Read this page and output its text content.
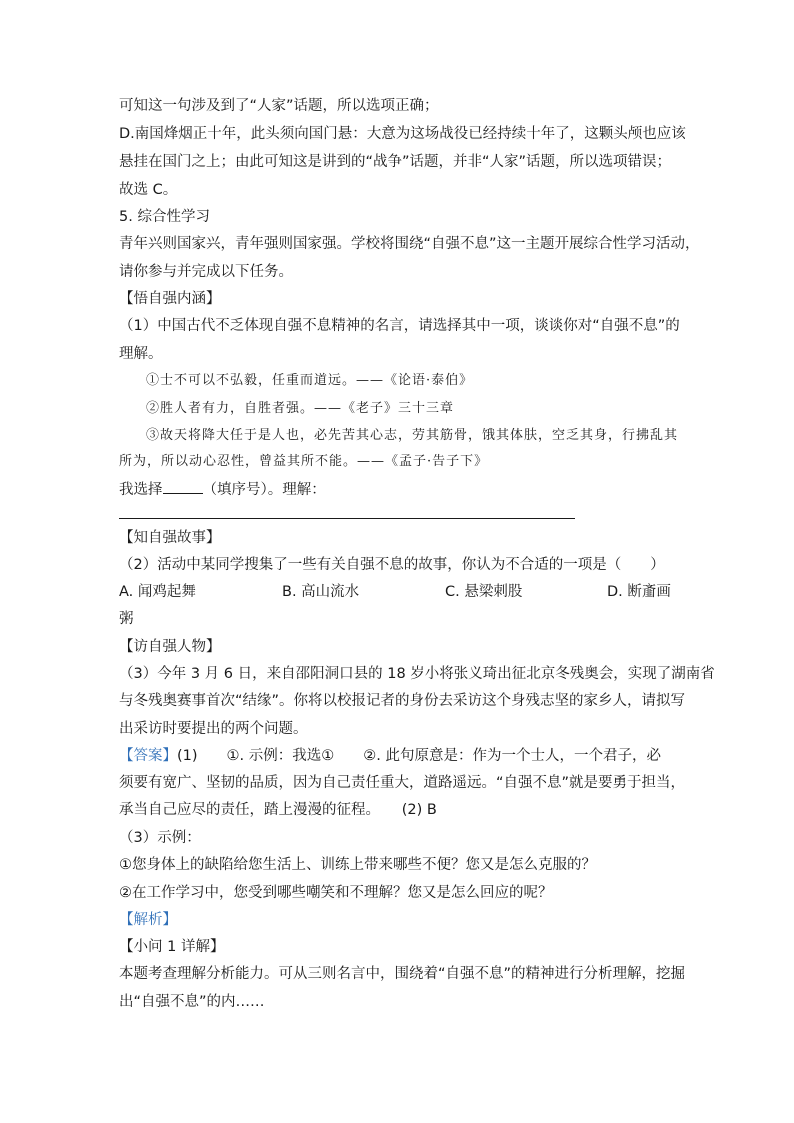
可知这一句涉及到了“人家”话题，所以选项正确；
D.南国烽烟正十年，此头须向国门悬：大意为这场战役已经持续十年了，这颗头颅也应该
悬挂在国门之上；由此可知这是讲到的“战争”话题，并非“人家”话题，所以选项错误；
故选 C。
5. 综合性学习
青年兴则国家兴，青年强则国家强。学校将围绕“自强不息”这一主题开展综合性学习活动，
请你参与并完成以下任务。
【悟自强内涵】
（1）中国古代不乏体现自强不息精神的名言，请选择其中一项，谈谈你对“自强不息”的
理解。
①士不可以不弘毅，任重而道远。——《论语·泰伯》
②胜人者有力，自胜者强。——《老子》三十三章
③故天将降大任于是人也，必先苦其心志，劳其筋骨，饿其体肤，空乏其身，行拂乱其
所为，所以动心忍性，曾益其所不能。——《孟子·告子下》
我选择	（填序号）。理解：
【知自强故事】
（2）活动中某同学搜集了一些有关自强不息的故事，你认为不合适的一项是（　　）
A. 闻鸡起舞	B. 高山流水	C. 悬梁刺股	D. 断齑画
粥
【访自强人物】
（3）今年 3 月 6 日，来自邵阳洞口县的 18 岁小将张义琦出征北京冬残奥会，实现了湖南省
与冬残奥赛事首次“结缘”。你将以校报记者的身份去采访这个身残志坚的家乡人，请拟写
出采访时要提出的两个问题。
【答案】(1)　　①. 示例：我选①　　②. 此句原意是：作为一个士人，一个君子，必
须要有宽广、坚韧的品质，因为自己责任重大，道路遥远。“自强不息”就是要勇于担当，
承当自己应尽的责任，踏上漫漫的征程。　　(2) B
（3）示例：
①您身体上的缺陷给您生活上、训练上带来哪些不便？您又是怎么克服的？
②在工作学习中，您受到哪些嘲笑和不理解？您又是怎么回应的呢？
【解析】
【小问 1 详解】
本题考查理解分析能力。可从三则名言中，围绕着“自强不息”的精神进行分析理解，挖掘
出“自强不息”的内……
